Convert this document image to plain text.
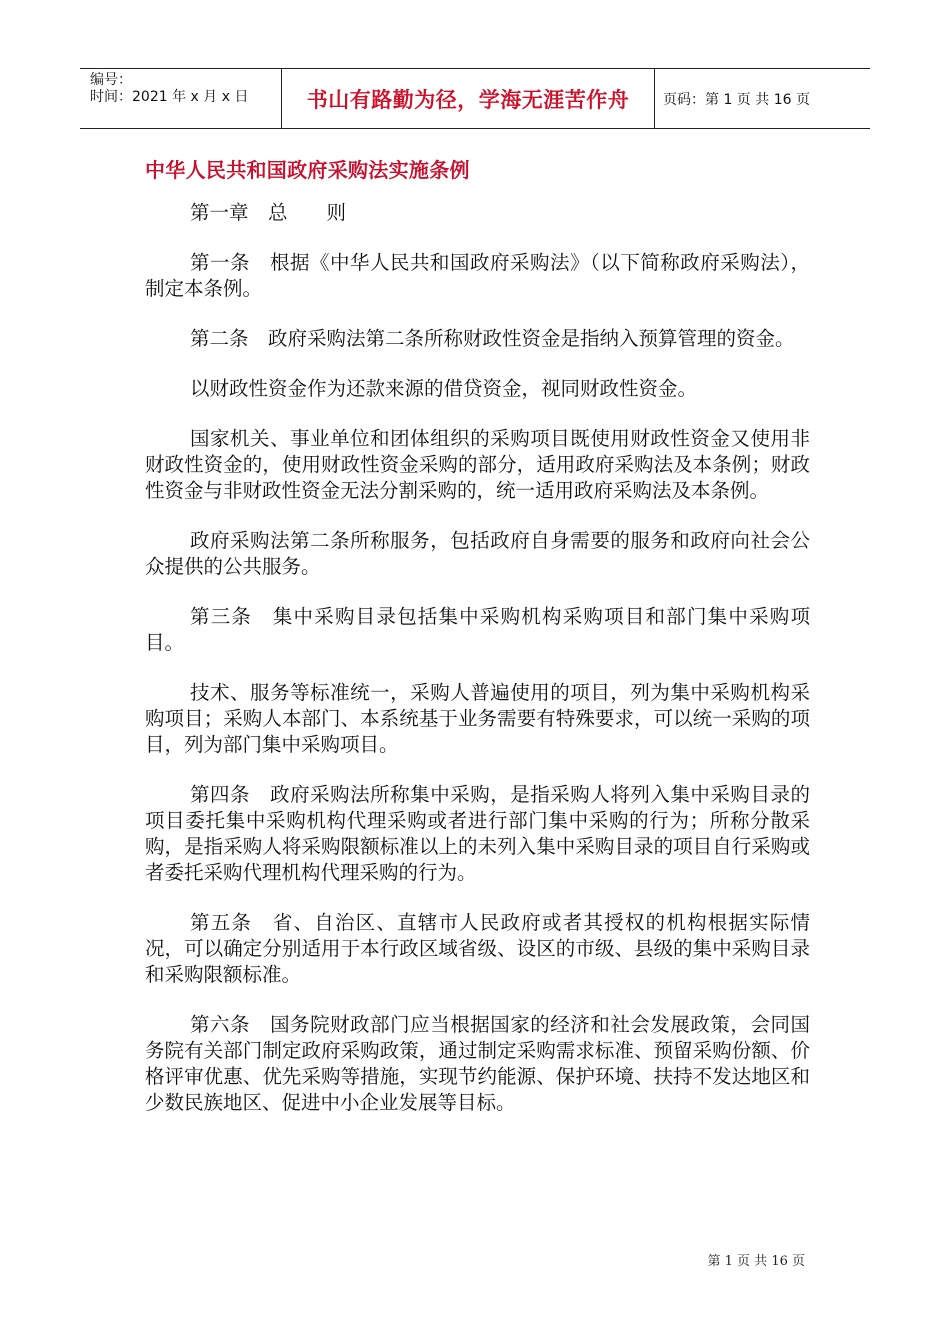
编号：
时间：2021 年 x 月 x 日	书山有路勤为径，学海无涯苦作舟	页码：第 1 页 共 16 页
中华人民共和国政府采购法实施条例

第一章　总　　则

第一条　根据《中华人民共和国政府采购法》（以下简称政府采购法），制定本条例。

第二条　政府采购法第二条所称财政性资金是指纳入预算管理的资金。

以财政性资金作为还款来源的借贷资金，视同财政性资金。

国家机关、事业单位和团体组织的采购项目既使用财政性资金又使用非财政性资金的，使用财政性资金采购的部分，适用政府采购法及本条例；财政性资金与非财政性资金无法分割采购的，统一适用政府采购法及本条例。

政府采购法第二条所称服务，包括政府自身需要的服务和政府向社会公众提供的公共服务。

第三条　集中采购目录包括集中采购机构采购项目和部门集中采购项目。

技术、服务等标准统一，采购人普遍使用的项目，列为集中采购机构采购项目；采购人本部门、本系统基于业务需要有特殊要求，可以统一采购的项目，列为部门集中采购项目。

第四条　政府采购法所称集中采购，是指采购人将列入集中采购目录的项目委托集中采购机构代理采购或者进行部门集中采购的行为；所称分散采购，是指采购人将采购限额标准以上的未列入集中采购目录的项目自行采购或者委托采购代理机构代理采购的行为。

第五条　省、自治区、直辖市人民政府或者其授权的机构根据实际情况，可以确定分别适用于本行政区域省级、设区的市级、县级的集中采购目录和采购限额标准。

第六条　国务院财政部门应当根据国家的经济和社会发展政策，会同国务院有关部门制定政府采购政策，通过制定采购需求标准、预留采购份额、价格评审优惠、优先采购等措施，实现节约能源、保护环境、扶持不发达地区和少数民族地区、促进中小企业发展等目标。

第 1 页 共 16 页
